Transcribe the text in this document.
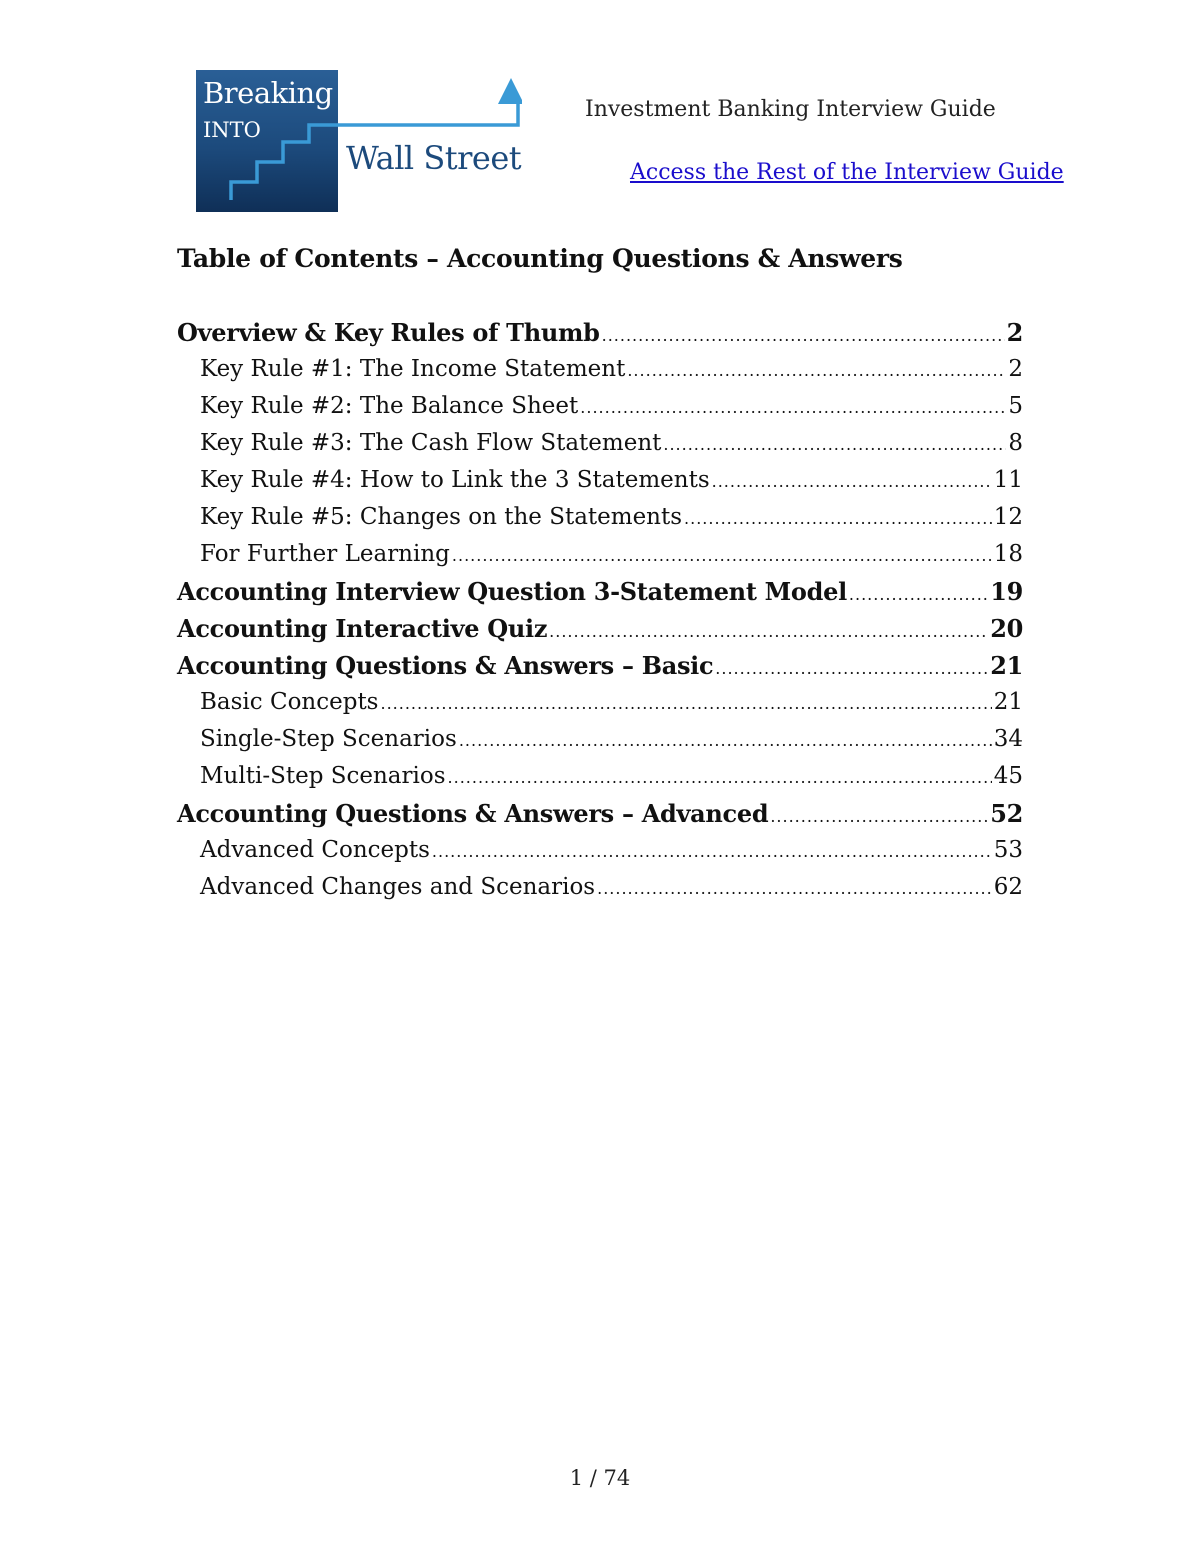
Breaking

INTO

Wall Street

Investment Banking Interview Guide

Access the Rest of the Interview Guide
Table of Contents – Accounting Questions & Answers
Overview & Key Rules of Thumb .....	2
Key Rule #1: The Income Statement .....	2
Key Rule #2: The Balance Sheet .....	5
Key Rule #3: The Cash Flow Statement .....	8
Key Rule #4: How to Link the 3 Statements .....	11
Key Rule #5: Changes on the Statements .....	12
For Further Learning .....	18
Accounting Interview Question 3-Statement Model .....	19
Accounting Interactive Quiz .....	20
Accounting Questions & Answers – Basic .....	21
Basic Concepts .....	21
Single-Step Scenarios .....	34
Multi-Step Scenarios .....	45
Accounting Questions & Answers – Advanced .....	52
Advanced Concepts .....	53
Advanced Changes and Scenarios .....	62

1 / 74
